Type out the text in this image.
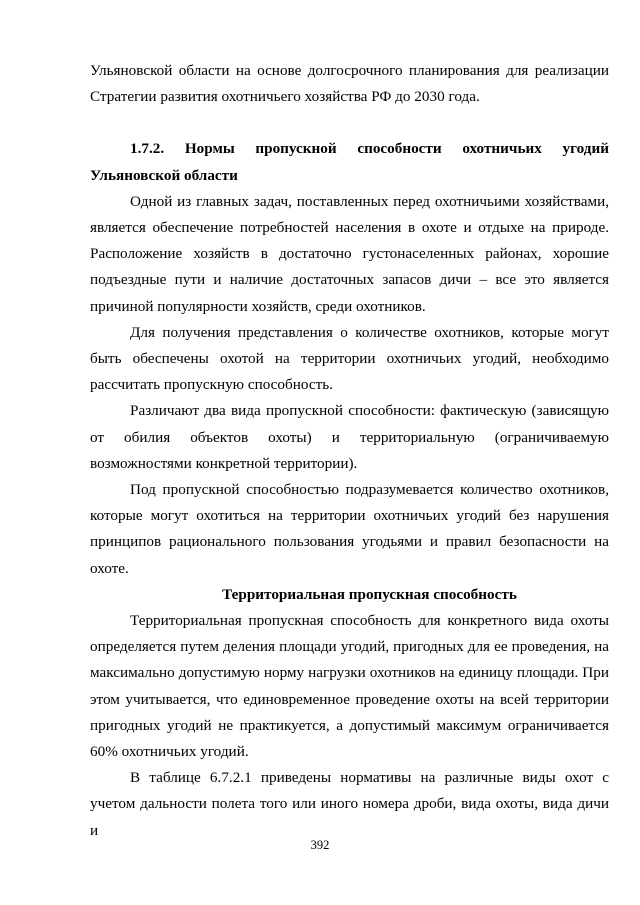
Ульяновской области на основе долгосрочного планирования для реализации Стратегии развития охотничьего хозяйства РФ до 2030 года.

1.7.2. Нормы пропускной способности охотничьих угодий Ульяновской области

Одной из главных задач, поставленных перед охотничьими хозяйствами, является обеспечение потребностей населения в охоте и отдыхе на природе. Расположение хозяйств в достаточно густонаселенных районах, хорошие подъездные пути и наличие достаточных запасов дичи – все это является причиной популярности хозяйств, среди охотников.

Для получения представления о количестве охотников, которые могут быть обеспечены охотой на территории охотничьих угодий, необходимо рассчитать пропускную способность.

Различают два вида пропускной способности: фактическую (зависящую от обилия объектов охоты) и территориальную (ограничиваемую возможностями конкретной территории).

Под пропускной способностью подразумевается количество охотников, которые могут охотиться на территории охотничьих угодий без нарушения принципов рационального пользования угодьями и правил безопасности на охоте.

Территориальная пропускная способность

Территориальная пропускная способность для конкретного вида охоты определяется путем деления площади угодий, пригодных для ее проведения, на максимально допустимую норму нагрузки охотников на единицу площади. При этом учитывается, что единовременное проведение охоты на всей территории пригодных угодий не практикуется, а допустимый максимум ограничивается 60% охотничьих угодий.

В таблице 6.7.2.1 приведены нормативы на различные виды охот с учетом дальности полета того или иного номера дроби, вида охоты, вида дичи и

392
